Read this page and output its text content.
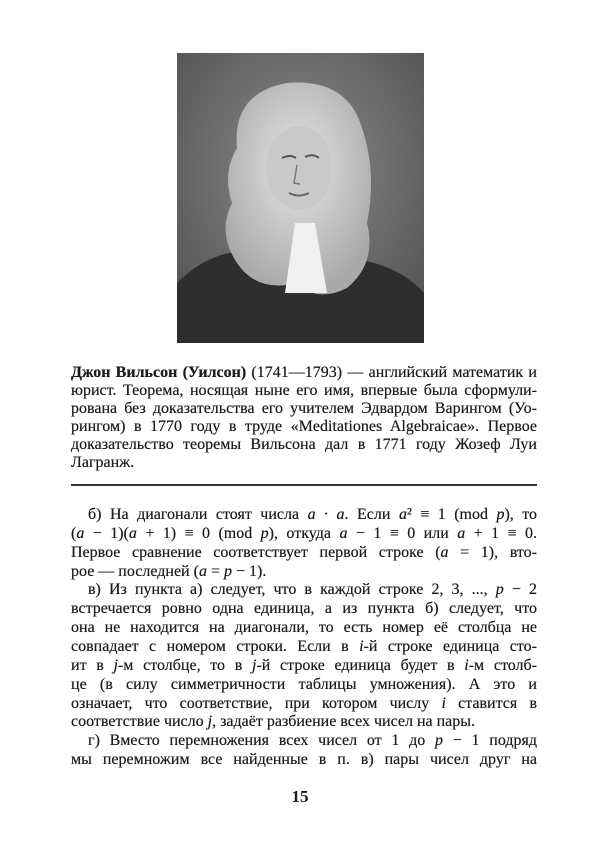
Джон Вильсон (Уилсон) (1741—1793) — английский математик и
юрист. Теорема, носящая ныне его имя, впервые была сформули-
рована без доказательства его учителем Эдвардом Варингом (Уо-
рингом) в 1770 году в труде «Meditationes Algebraicae». Первое
доказательство теоремы Вильсона дал в 1771 году Жозеф Луи
Лагранж.
б) На диагонали стоят числа a · a. Если a² ≡ 1 (mod p), то
(a − 1)(a + 1) ≡ 0 (mod p), откуда a − 1 ≡ 0 или a + 1 ≡ 0.
Первое сравнение соответствует первой строке (a = 1), вто-
рое — последней (a = p − 1).
в) Из пункта а) следует, что в каждой строке 2, 3, ..., p − 2
встречается ровно одна единица, а из пункта б) следует, что
она не находится на диагонали, то есть номер её столбца не
совпадает с номером строки. Если в i-й строке единица сто-
ит в j-м столбце, то в j-й строке единица будет в i-м столб-
це (в силу симметричности таблицы умножения). А это и
означает, что соответствие, при котором числу i ставится в
соответствие число j, задаёт разбиение всех чисел на пары.
г) Вместо перемножения всех чисел от 1 до p − 1 подряд
мы перемножим все найденные в п. в) пары чисел друг на
15
